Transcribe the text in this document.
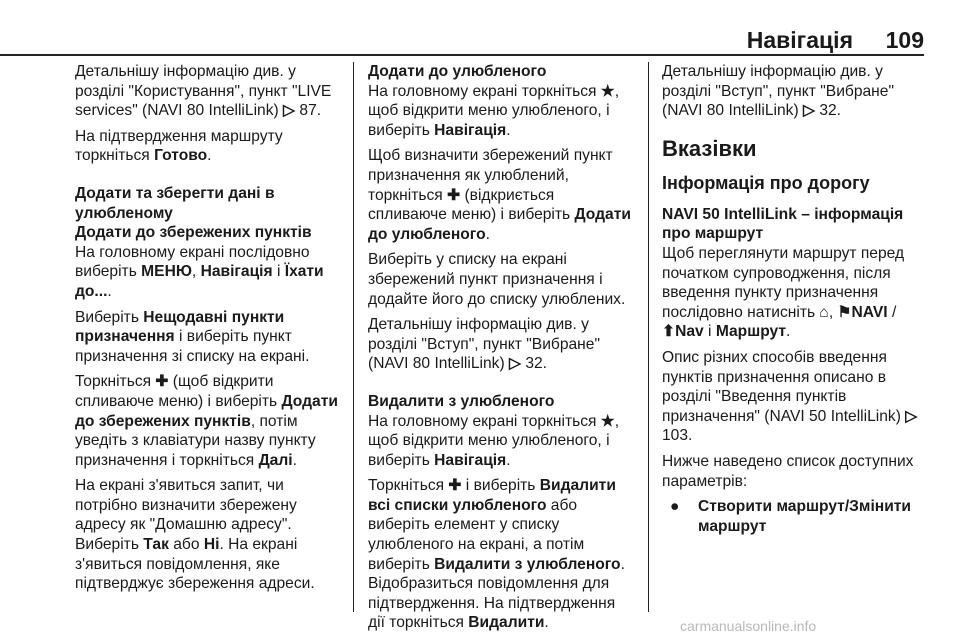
Навігація 109

Детальнішу інформацію див. у розділі "Користування", пункт "LIVE services" (NAVI 80 IntelliLink) ▷ 87.

На підтвердження маршруту торкніться Готово.

Додати та зберегти дані в улюбленому

Додати до збережених пунктів

На головному екрані послідовно виберіть МЕНЮ, Навігація і Їхати до....

Виберіть Нещодавні пункти призначення і виберіть пункт призначення зі списку на екрані.

Торкніться ✚ (щоб відкрити спливаюче меню) і виберіть Додати до збережених пунктів, потім уведіть з клавіатури назву пункту призначення і торкніться Далі.

На екрані з'явиться запит, чи потрібно визначити збережену адресу як "Домашню адресу". Виберіть Так або Ні. На екрані з'явиться повідомлення, яке підтверджує збереження адреси.

Додати до улюбленого

На головному екрані торкніться ★, щоб відкрити меню улюбленого, і виберіть Навігація.

Щоб визначити збережений пункт призначення як улюблений, торкніться ✚ (відкриється спливаюче меню) і виберіть Додати до улюбленого.

Виберіть у списку на екрані збережений пункт призначення і додайте його до списку улюблених.

Детальнішу інформацію див. у розділі "Вступ", пункт "Вибране" (NAVI 80 IntelliLink) ▷ 32.

Видалити з улюбленого

На головному екрані торкніться ★, щоб відкрити меню улюбленого, і виберіть Навігація.

Торкніться ✚ і виберіть Видалити всі списки улюбленого або виберіть елемент у списку улюбленого на екрані, а потім виберіть Видалити з улюбленого. Відобразиться повідомлення для підтвердження. На підтвердження дії торкніться Видалити.

Детальнішу інформацію див. у розділі "Вступ", пункт "Вибране" (NAVI 80 IntelliLink) ▷ 32.

Вказівки
Інформація про дорогу

NAVI 50 IntelliLink – інформація про маршрут

Щоб переглянути маршрут перед початком супроводження, після введення пункту призначення послідовно натисніть ⌂, ⚑NAVI / ⬆Nav і Маршрут.

Опис різних способів введення пунктів призначення описано в розділі "Введення пунктів призначення" (NAVI 50 IntelliLink) ▷ 103.

Нижче наведено список доступних параметрів:

●	Створити маршрут/Змінити маршрут
carmanualsonline.info
